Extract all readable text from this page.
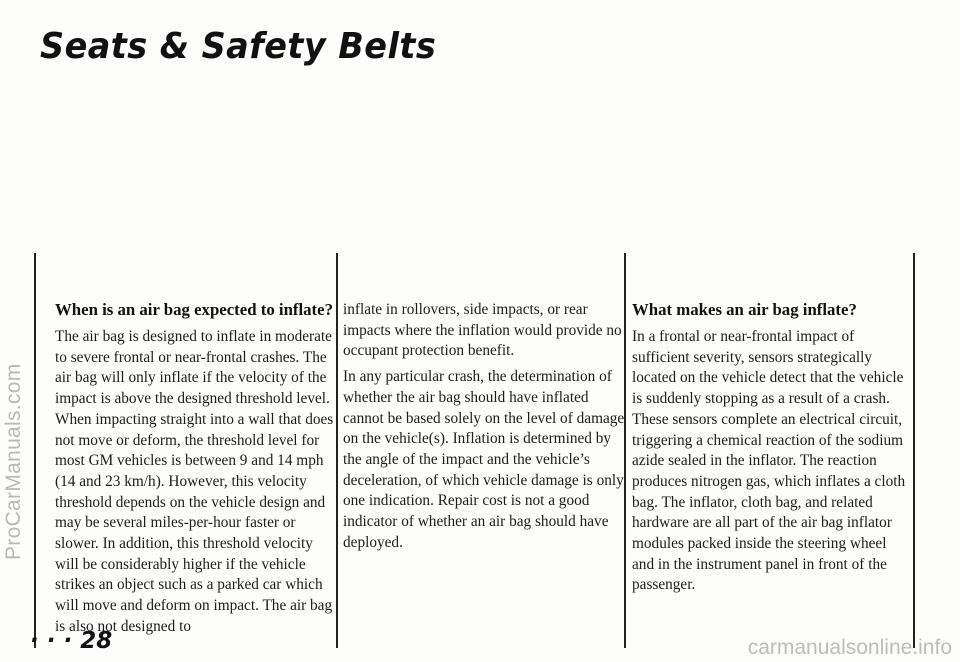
Seats & Safety Belts
ProCarManuals.com
When is an air bag expected to inflate?

The air bag is designed to inflate in moderate to severe frontal or near-frontal crashes. The air bag will only inflate if the velocity of the impact is above the designed threshold level. When impacting straight into a wall that does not move or deform, the threshold level for most GM vehicles is between 9 and 14 mph (14 and 23 km/h). However, this velocity threshold depends on the vehicle design and may be several miles-per-hour faster or slower. In addition, this threshold velocity will be considerably higher if the vehicle strikes an object such as a parked car which will move and deform on impact. The air bag is also not designed to

inflate in rollovers, side impacts, or rear impacts where the inflation would provide no occupant protection benefit.

In any particular crash, the determination of whether the air bag should have inflated cannot be based solely on the level of damage on the vehicle(s). Inflation is determined by the angle of the impact and the vehicle’s deceleration, of which vehicle damage is only one indication. Repair cost is not a good indicator of whether an air bag should have deployed.

What makes an air bag inflate?

In a frontal or near-frontal impact of sufficient severity, sensors strategically located on the vehicle detect that the vehicle is suddenly stopping as a result of a crash. These sensors complete an electrical circuit, triggering a chemical reaction of the sodium azide sealed in the inflator. The reaction produces nitrogen gas, which inflates a cloth bag. The inflator, cloth bag, and related hardware are all part of the air bag inflator modules packed inside the steering wheel and in the instrument panel in front of the passenger.

· · · 28	carmanualsonline.info
